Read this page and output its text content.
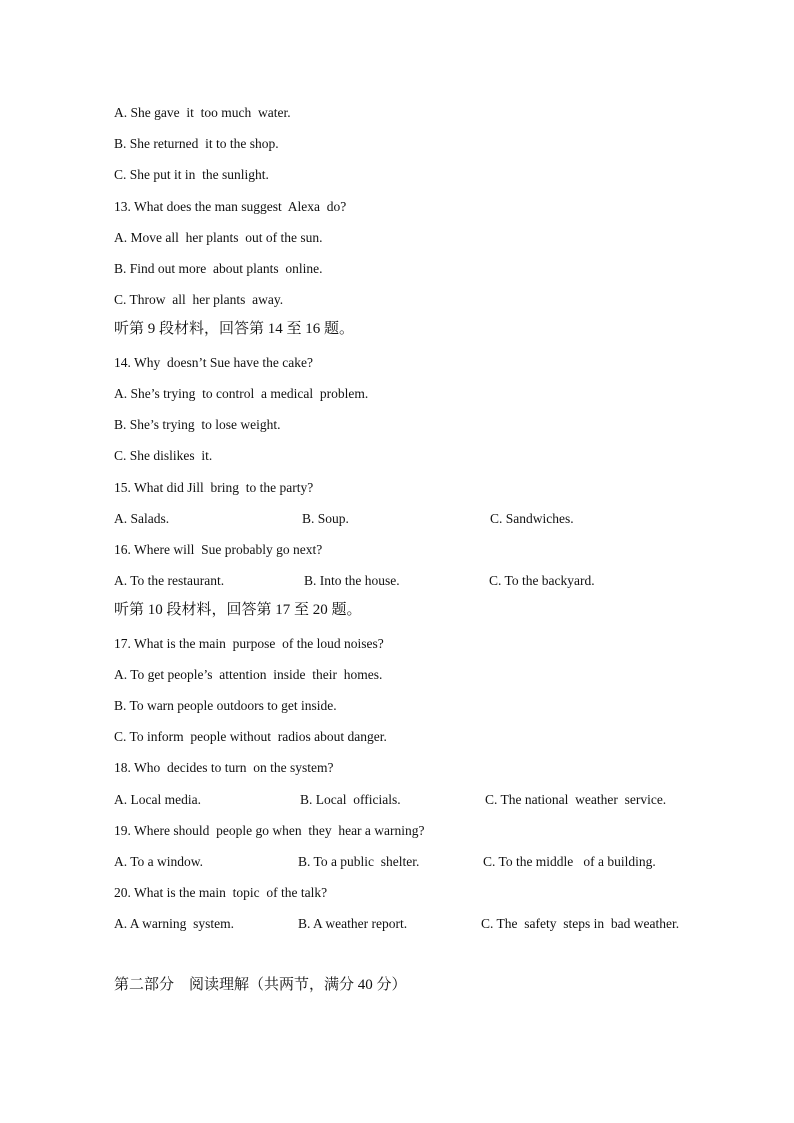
A. She gave  it  too much  water.
B. She returned  it to the shop.
C. She put it in  the sunlight.
13. What does the man suggest  Alexa  do?
A. Move all  her plants  out of the sun.
B. Find out more  about plants  online.
C. Throw  all  her plants  away.
听第 9 段材料，回答第 14 至 16 题。
14. Why  doesn’t Sue have the cake?
A. She’s trying  to control  a medical  problem.
B. She’s trying  to lose weight.
C. She dislikes  it.
15. What did Jill  bring  to the party?
A. Salads.	B. Soup.	C. Sandwiches.
16. Where will  Sue probably go next?
A. To the restaurant.	B. Into the house.	C. To the backyard.
听第 10 段材料，回答第 17 至 20 题。
17. What is the main  purpose  of the loud noises?
A. To get people’s  attention  inside  their  homes.
B. To warn people outdoors to get inside.
C. To inform  people without  radios about danger.
18. Who  decides to turn  on the system?
A. Local media.	B. Local  officials.	C. The national  weather  service.
19. Where should  people go when  they  hear a warning?
A. To a window.	B. To a public  shelter.	C. To the middle   of a building.
20. What is the main  topic  of the talk?
A. A warning  system.	B. A weather report.	C. The  safety  steps in  bad weather.
第二部分    阅读理解（共两节，满分 40 分）
